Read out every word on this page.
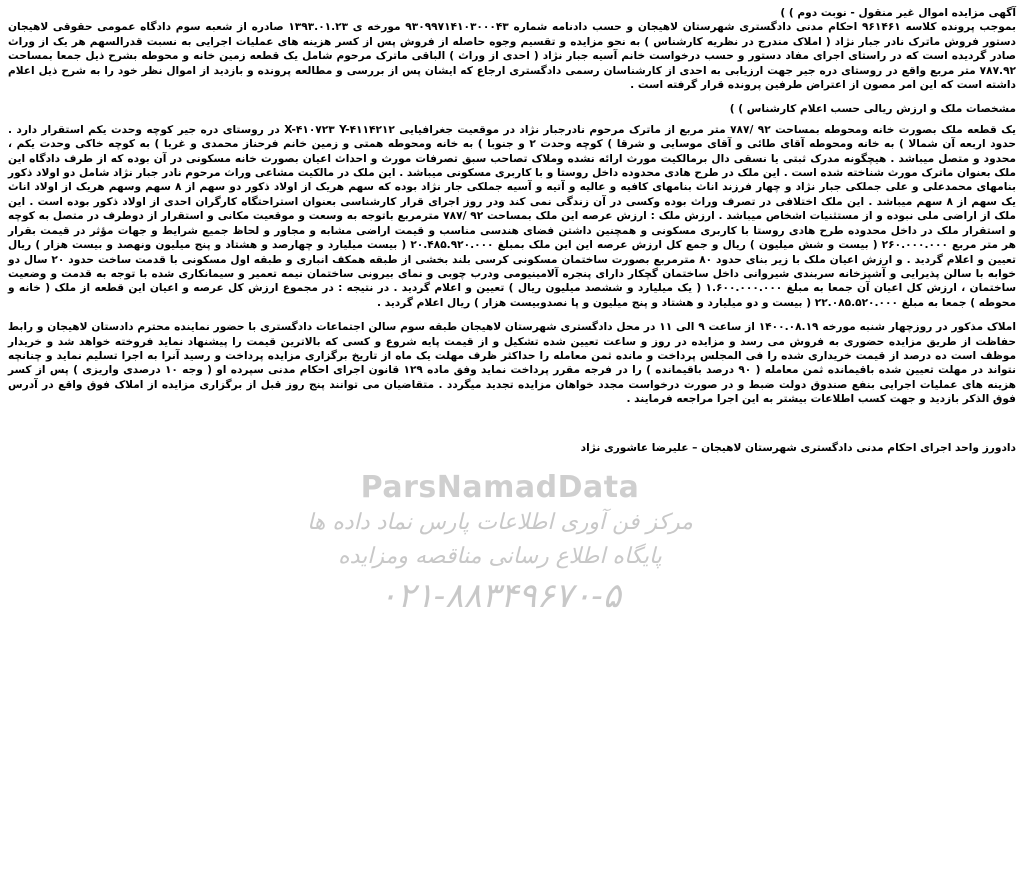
آگهی مزایده اموال غیر منقول - نوبت دوم ) )

بموجب پرونده کلاسه ۹۶۱۴۶۱ احکام مدنی دادگستری شهرستان لاهیجان و حسب دادنامه شماره ۹۳۰۹۹۷۱۴۱۰۳۰۰۰۴۳ مورخه ی ۱۳۹۳.۰۱.۲۳ صادره از شعبه سوم دادگاه عمومی حقوقی لاهیجان دستور فروش ماترک نادر جبار نژاد ( املاک مندرج در نظریه کارشناس ) به نحو مزایده و تقسیم وجوه حاصله از فروش پس از کسر هزینه های عملیات اجرایی به نسبت قدرالسهم هر یک از وراث صادر گردیده است که در راستای اجرای مفاد دستور و حسب درخواست خانم آسیه جبار نژاد ( احدی از وراث ) الباقی ماترک مرحوم شامل یک قطعه زمین خانه و محوطه بشرح ذیل جمعا بمساحت ۷۸۷.۹۲ متر مربع واقع در روستای دره جیر جهت ارزیابی به احدی از کارشناسان رسمی دادگستری ارجاع که ایشان پس از بررسی و مطالعه پرونده و بازدید از اموال نظر خود را به شرح ذیل اعلام داشته است که این امر مصون از اعتراض طرفین پرونده قرار گرفته است .

مشخصات ملک و ارزش ریالی حسب اعلام کارشناس ) )

یک قطعه ملک بصورت خانه ومحوطه بمساحت ۹۲ /۷۸۷ متر مربع از ماترک مرحوم نادرجبار نژاد در موقعیت جغرافیایی X-۴۱۰۷۲۳ Y-۴۱۱۴۲۱۲ در روستای دره جیر کوچه وحدت یکم استقرار دارد . حدود اربعه آن شمالا ) به خانه ومحوطه آقای طائی و آقای موسایی و شرقا ) کوچه وحدت ۲ و جنوبا ) به خانه ومحوطه همتی و زمین خانم فرحناز محمدی و غربا ) به کوچه خاکی وحدت یکم ، محدود و متصل میباشد . هیچگونه مدرک ثبتی یا نسقی دال برمالکیت مورث ارائه نشده وملاک تصاحب سبق تصرفات مورث و احداث اعیان بصورت خانه مسکونی در آن بوده که از طرف دادگاه این ملک بعنوان ماترک مورث شناخته شده است . این ملک در طرح هادی محدوده داخل روستا و با کاربری مسکونی میباشد . این ملک در مالکیت مشاعی وراث مرحوم نادر جبار نژاد شامل دو اولاد ذکور بنامهای محمدعلی و علی جملکی جبار نژاد و چهار فرزند اناث بنامهای کافیه و عالیه و آتیه و آسیه جملکی جار نژاد بوده که سهم هریک از اولاد ذکور دو سهم از ۸ سهم وسهم هریک از اولاد اناث یک سهم از ۸ سهم میباشد . این ملک اختلافی در تصرف وراث بوده وکسی در آن زندگی نمی کند ودر روز اجرای قرار کارشناسی بعنوان استراحتگاه کارگران احدی از اولاد ذکور بوده است . این ملک از اراضی ملی نبوده و از مستثنیات اشخاص میباشد . ارزش ملک : ارزش عرصه این ملک بمساحت ۹۲ /۷۸۷ مترمربع باتوجه به وسعت و موقعیت مکانی و استقرار از دوطرف در متصل به کوچه و استقرار ملک در داخل محدوده طرح هادی روستا با کاربری مسکونی و همچنین داشتن فضای هندسی مناسب و قیمت اراضی مشابه و مجاور و لحاظ جمیع شرایط و جهات مؤثر در قیمت بقرار هر متر مربع ۲۶۰.۰۰۰.۰۰۰ ( بیست و شش میلیون ) ریال و جمع کل ارزش عرصه این این ملک بمبلغ ۲۰.۴۸۵.۹۲۰.۰۰۰ ( بیست میلیارد و چهارصد و هشتاد و پنج میلیون ونهصد و بیست هزار ) ریال تعیین و اعلام گردید . و ارزش اعیان ملک با زیر بنای حدود ۸۰ مترمربع بصورت ساختمان مسکونی کرسی بلند بخشی از طبقه همکف انباری و طبقه اول مسکونی با قدمت ساخت حدود ۲۰ سال دو خوابه با سالن پذیرایی و آشپزخانه سربندی شیروانی داخل ساختمان گچکار دارای پنجره آلامینیومی ودرب چوبی و نمای بیرونی ساختمان نیمه تعمیر و سیمانکاری شده با توجه به قدمت و وضعیت ساختمان ، ارزش کل اعیان آن جمعا به مبلغ ۱.۶۰۰.۰۰۰.۰۰۰ ( یک میلیارد و ششصد میلیون ریال ) تعیین و اعلام گردید . در نتیجه : در مجموع ارزش کل عرصه و اعیان این قطعه از ملک ( خانه و محوطه ) جمعا به مبلغ ۲۲.۰۸۵.۵۲۰.۰۰۰ ( بیست و دو میلیارد و هشتاد و پنج میلیون و پا نصدوبیست هزار ) ریال اعلام گردید .

املاک مذکور در روزچهار شنبه مورخه ۱۴۰۰.۰۸.۱۹ از ساعت ۹ الی ۱۱ در محل دادگستری شهرستان لاهیجان طبقه سوم سالن اجتماعات دادگستری با حضور نماینده محترم دادستان لاهیجان و رابط حفاظت از طریق مزایده حضوری به فروش می رسد و مزایده در روز و ساعت تعیین شده تشکیل و از قیمت پایه شروع و کسی که بالاترین قیمت را پیشنهاد نماید فروخته خواهد شد و خریدار موظف است ده درصد از قیمت خریداری شده را فی المجلس پرداخت و مانده ثمن معامله را حداکثر ظرف مهلت یک ماه از تاریخ برگزاری مزایده پرداخت و رسید آنرا به اجرا تسلیم نماید و چنانچه نتواند در مهلت تعیین شده باقیمانده ثمن معامله ( ۹۰ درصد باقیمانده ) را در فرجه مقرر پرداخت نماید وفق ماده ۱۲۹ قانون اجرای احکام مدنی سپرده او ( وجه ۱۰ درصدی واریزی ) پس از کسر هزینه های عملیات اجرایی بنفع صندوق دولت ضبط و در صورت درخواست مجدد خواهان مزایده تجدید میگردد . متقاضیان می توانند پنج روز قبل از برگزاری مزایده از املاک فوق واقع در آدرس فوق الذکر بازدید و جهت کسب اطلاعات بیشتر به این اجرا مراجعه فرمایند .

دادورز واحد اجرای احکام مدنی دادگستری شهرستان لاهیجان – علیرضا عاشوری نژاد

ParsNamadData
مرکز فن آوری اطلاعات پارس نماد داده ها
پایگاه اطلاع رسانی مناقصه ومزایده
۰۲۱-۸۸۳۴۹۶۷۰-۵
